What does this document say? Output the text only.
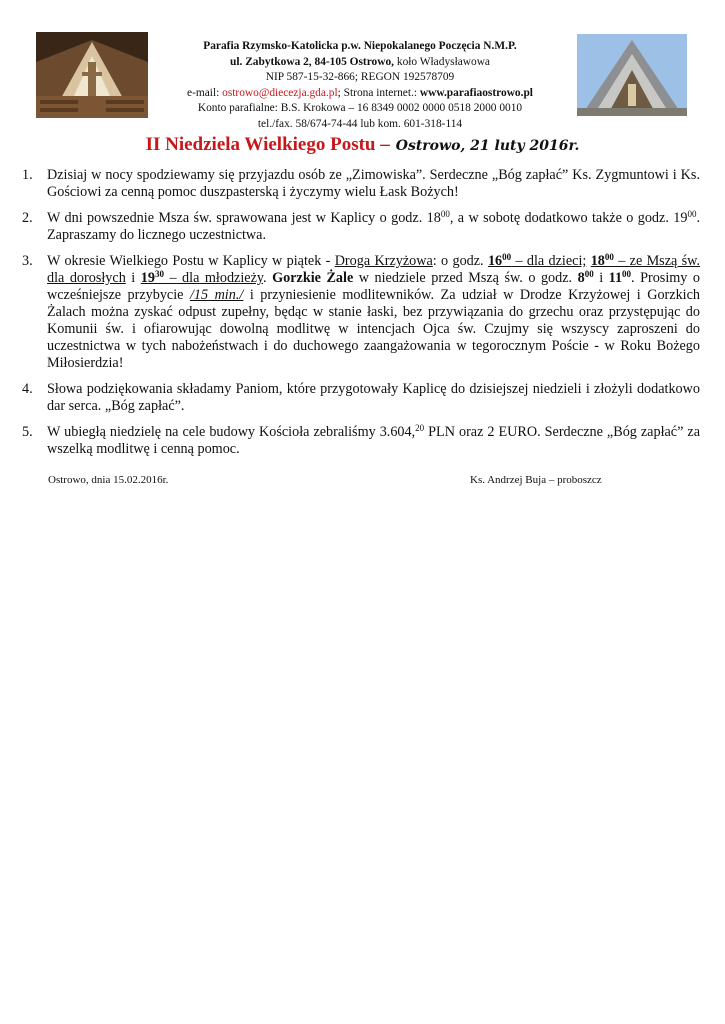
Parafia Rzymsko-Katolicka p.w. Niepokalanego Poczęcia N.M.P.
ul. Zabytkowa 2, 84-105 Ostrowo, koło Władysławowa
NIP 587-15-32-866; REGON 192578709
e-mail: ostrowo@diecezja.gda.pl; Strona internet.: www.parafiaostrowo.pl
Konto parafialne: B.S. Krokowa – 16 8349 0002 0000 0518 2000 0010
tel./fax. 58/674-74-44 lub kom. 601-318-114
II Niedziela Wielkiego Postu – Ostrowo, 21 luty 2016r.
1. Dzisiaj w nocy spodziewamy się przyjazdu osób ze „Zimowiska”. Serdeczne „Bóg zapłać” Ks. Zygmuntowi i Ks. Gościowi za cenną pomoc duszpasterską i życzymy wielu Łask Bożych!
2. W dni powszednie Msza św. sprawowana jest w Kaplicy o godz. $18^{00}$, a w sobotę dodatkowo także o godz. $19^{00}$. Zapraszamy do licznego uczestnictwa.
3. W okresie Wielkiego Postu w Kaplicy w piątek - Droga Krzyżowa: o godz. $16^{00}$ – dla dzieci; $18^{00}$ – ze Mszą św. dla dorosłych i $19^{30}$ – dla młodzieży. Gorzkie Żale w niedziele przed Mszą św. o godz. $8^{00}$ i $11^{00}$. Prosimy o wcześniejsze przybycie /15 min./ i przyniesienie modlitewników. Za udział w Drodze Krzyżowej i Gorzkich Żalach można zyskać odpust zupełny, będąc w stanie łaski, bez przywiązania do grzechu oraz przystępując do Komunii św. i ofiarowując dowolną modlitwę w intencjach Ojca św. Czujmy się wszyscy zaproszeni do uczestnictwa w tych nabożeństwach i do duchowego zaangażowania w tegorocznym Poście - w Roku Bożego Miłosierdzia!
4. Słowa podziękowania składamy Paniom, które przygotowały Kaplicę do dzisiejszej niedzieli i złożyli dodatkowo dar serca. „Bóg zapłać”.
5. W ubiegłą niedzielę na cele budowy Kościoła zebraliśmy 3.604,20 PLN oraz 2 EURO. Serdeczne „Bóg zapłać” za wszelką modlitwę i cenną pomoc.
Ostrowo, dnia 15.02.2016r.	Ks. Andrzej Buja – proboszcz
